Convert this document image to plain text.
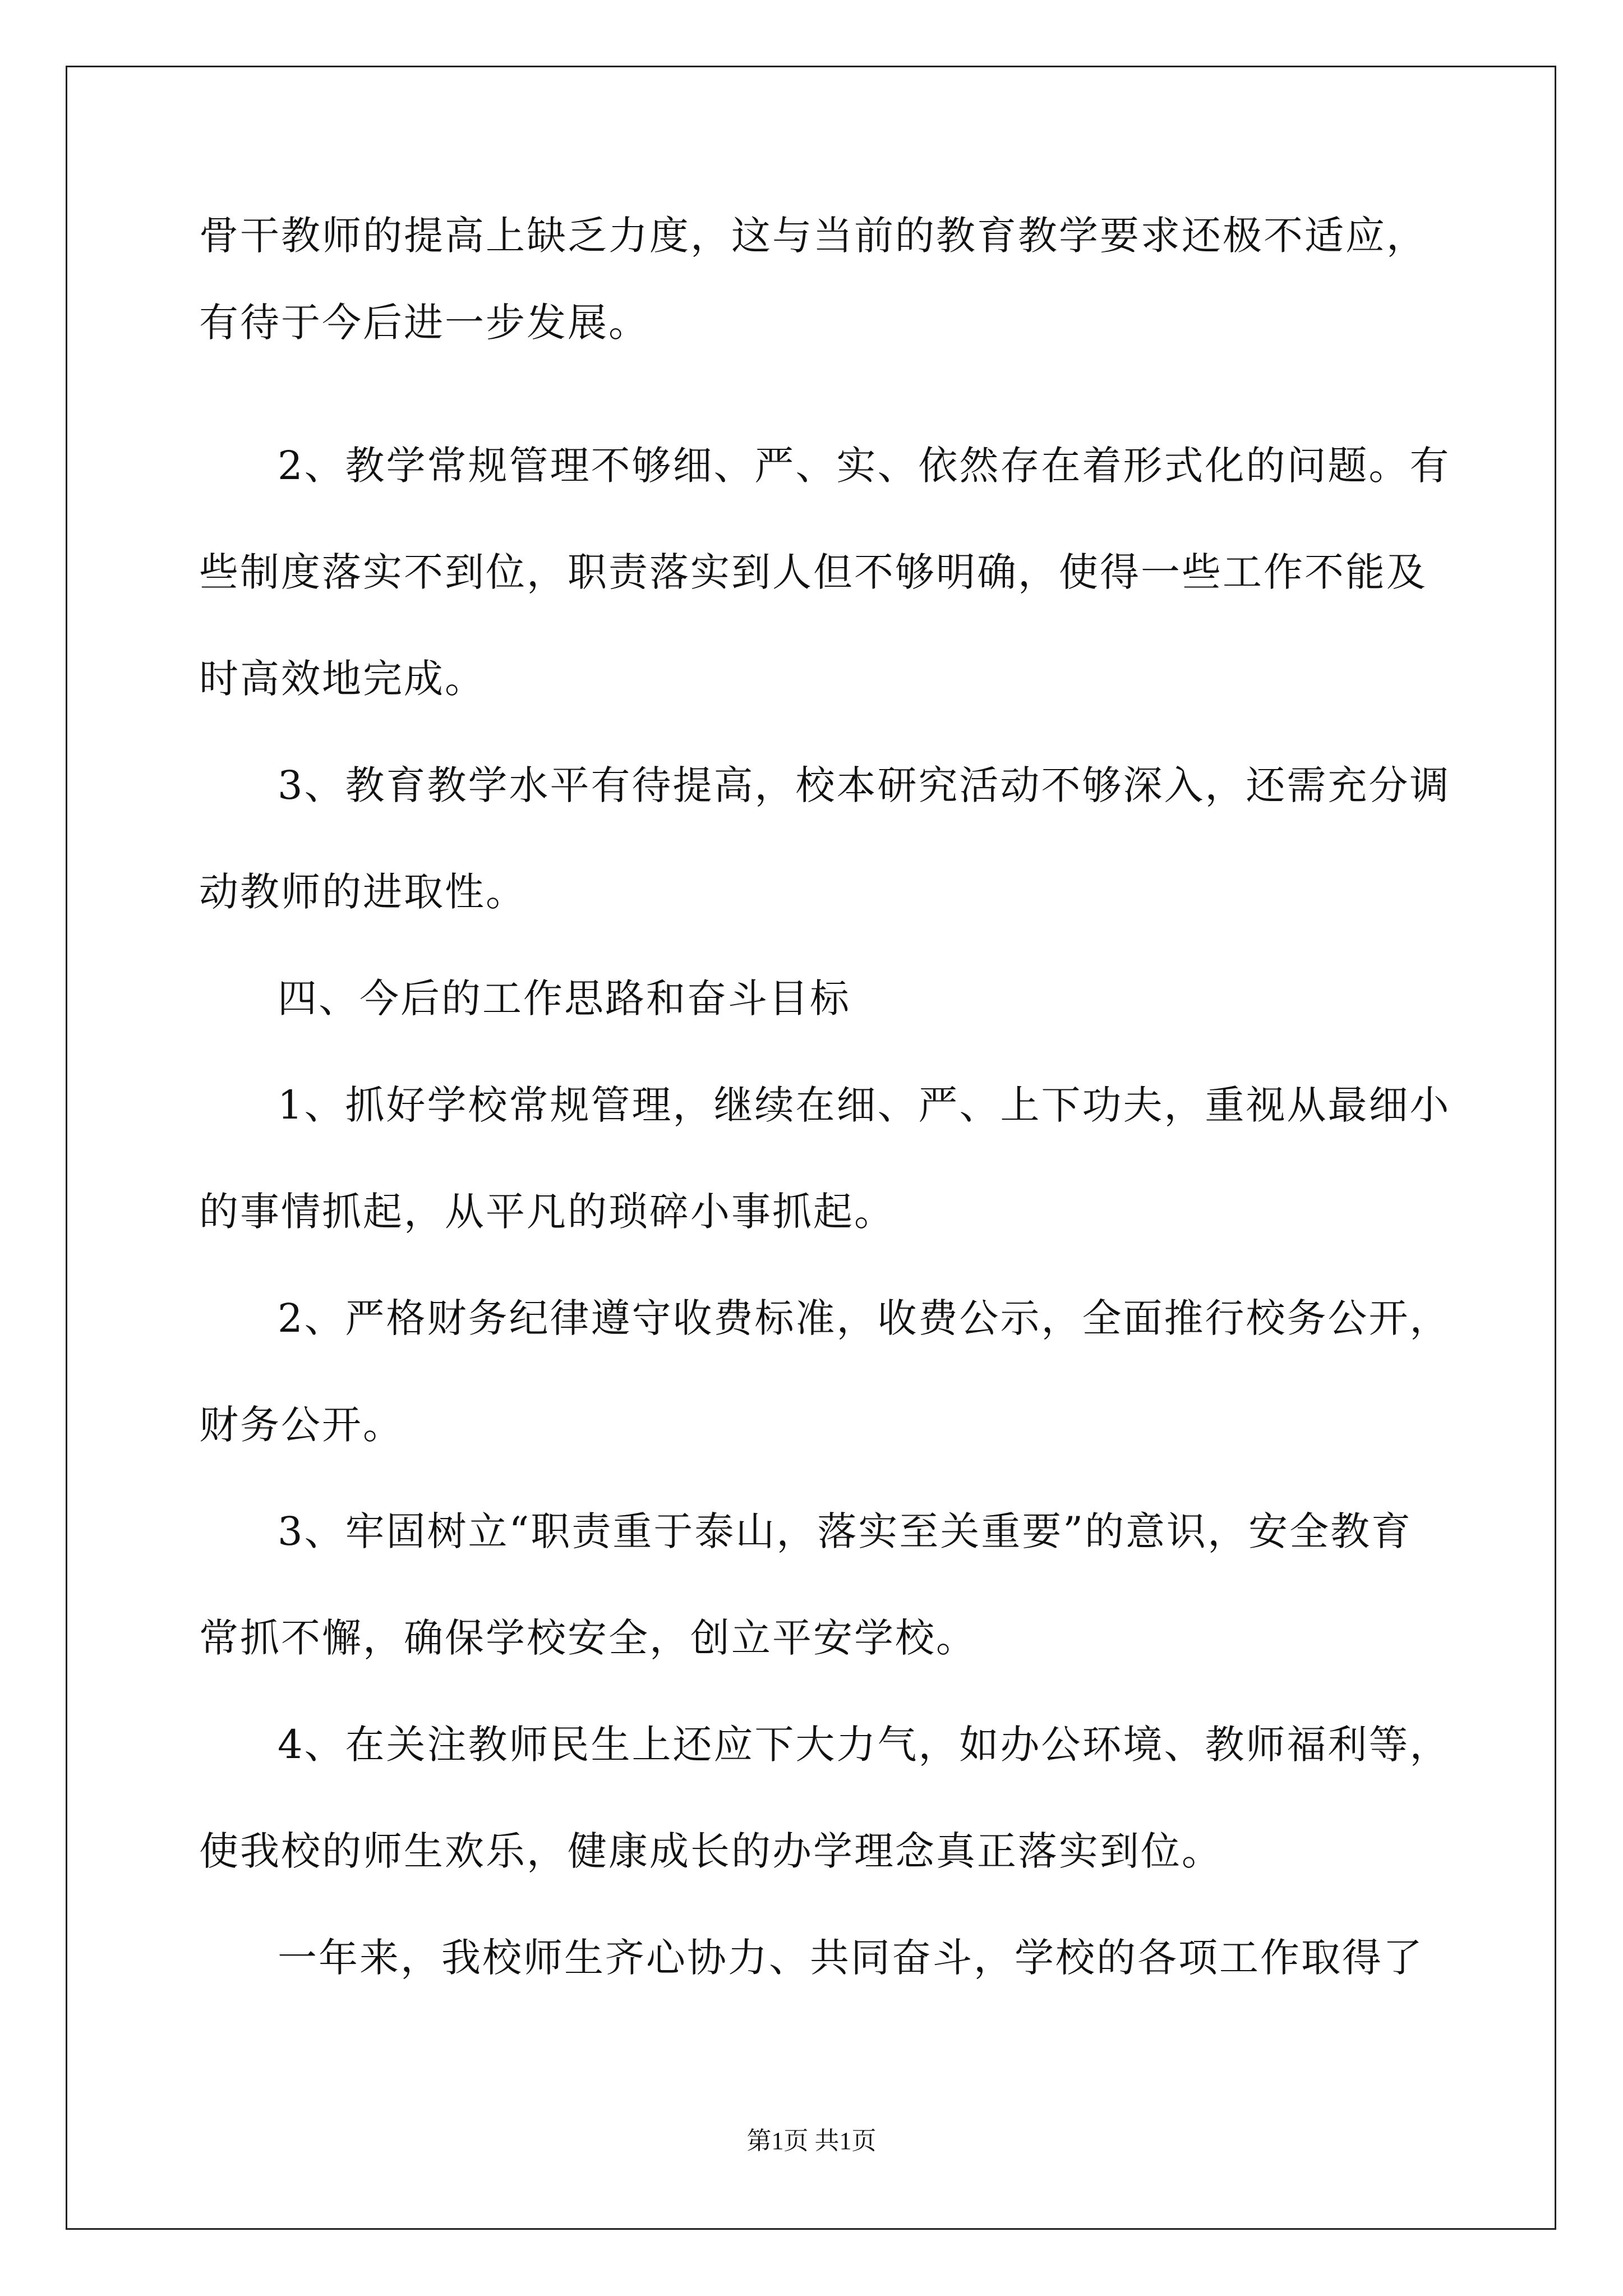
骨干教师的提高上缺乏力度，这与当前的教育教学要求还极不适应，
有待于今后进一步发展。
2、教学常规管理不够细、严、实、依然存在着形式化的问题。有
些制度落实不到位，职责落实到人但不够明确，使得一些工作不能及
时高效地完成。
3、教育教学水平有待提高，校本研究活动不够深入，还需充分调
动教师的进取性。
四、今后的工作思路和奋斗目标
1、抓好学校常规管理，继续在细、严、上下功夫，重视从最细小
的事情抓起，从平凡的琐碎小事抓起。
2、严格财务纪律遵守收费标准，收费公示，全面推行校务公开，
财务公开。
3、牢固树立“职责重于泰山，落实至关重要”的意识，安全教育
常抓不懈，确保学校安全，创立平安学校。
4、在关注教师民生上还应下大力气，如办公环境、教师福利等，
使我校的师生欢乐，健康成长的办学理念真正落实到位。
一年来，我校师生齐心协力、共同奋斗，学校的各项工作取得了
第1页 共1页
